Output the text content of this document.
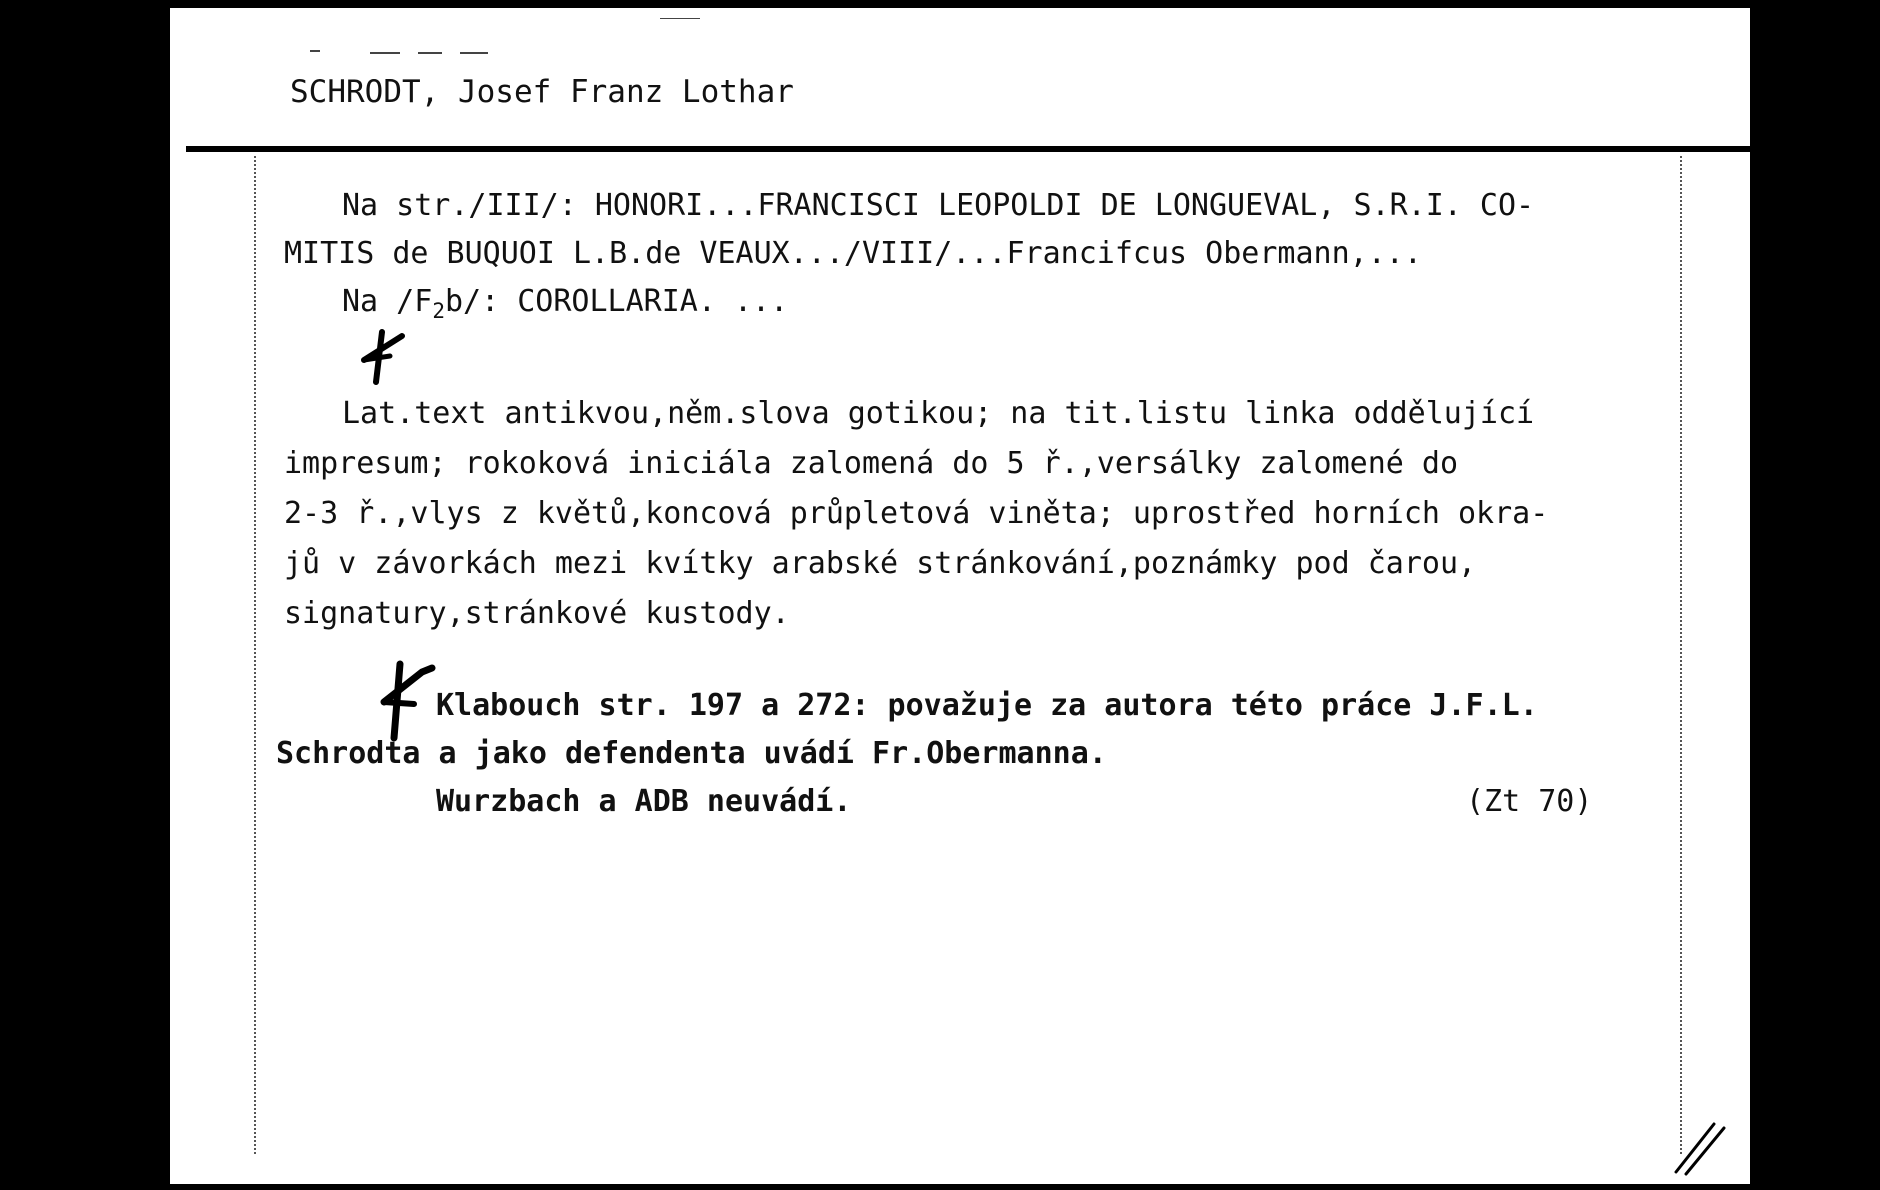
SCHRODT, Josef Franz Lothar
Na str./III/: HONORI...FRANCISCI LEOPOLDI DE LONGUEVAL, S.R.I. CO-
MITIS de BUQUOI L.B.de VEAUX.../VIII/...Francifcus Obermann,...
Na $/F_2b/$: COROLLARIA. ...
Lat.text antikvou,něm.slova gotikou; na tit.listu linka oddělující
impresum; rokoková iniciála zalomená do 5 ř.,versálky zalomené do
2-3 ř.,vlys z květů,koncová průpletová viněta; uprostřed horních okra-
jů v závorkách mezi kvítky arabské stránkování,poznámky pod čarou,
signatury,stránkové kustody.
Klabouch str. 197 a 272: považuje za autora této práce J.F.L.
Schrodta a jako defendenta uvádí Fr.Obermanna.
Wurzbach a ADB neuvádí.	(Zt 70)
